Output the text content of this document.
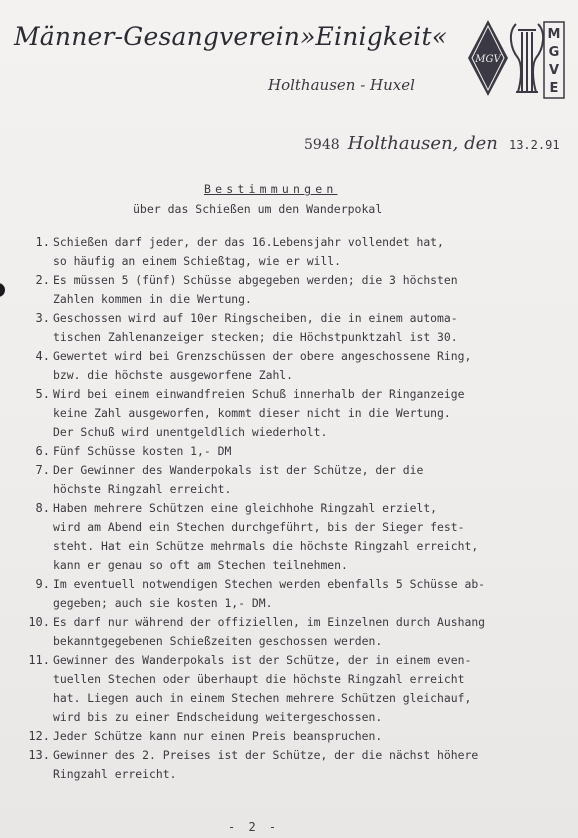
Männer-Gesangverein»Einigkeit«
Holthausen - Huxel
MGV
M
G
V
E
5948 Holthausen, den 13.2.91
Bestimmungen
über das Schießen um den Wanderpokal
1. Schießen darf jeder, der das 16.Lebensjahr vollendet hat,
so häufig an einem Schießtag, wie er will.
2. Es müssen 5 (fünf) Schüsse abgegeben werden; die 3 höchsten
Zahlen kommen in die Wertung.
3. Geschossen wird auf 10er Ringscheiben, die in einem automa-
tischen Zahlenanzeiger stecken; die Höchstpunktzahl ist 30.
4. Gewertet wird bei Grenzschüssen der obere angeschossene Ring,
bzw. die höchste ausgeworfene Zahl.
5. Wird bei einem einwandfreien Schuß innerhalb der Ringanzeige
keine Zahl ausgeworfen, kommt dieser nicht in die Wertung.
Der Schuß wird unentgeldlich wiederholt.
6. Fünf Schüsse kosten 1,- DM
7. Der Gewinner des Wanderpokals ist der Schütze, der die
höchste Ringzahl erreicht.
8. Haben mehrere Schützen eine gleichhohe Ringzahl erzielt,
wird am Abend ein Stechen durchgeführt, bis der Sieger fest-
steht. Hat ein Schütze mehrmals die höchste Ringzahl erreicht,
kann er genau so oft am Stechen teilnehmen.
9. Im eventuell notwendigen Stechen werden ebenfalls 5 Schüsse ab-
gegeben; auch sie kosten 1,- DM.
10. Es darf nur während der offiziellen, im Einzelnen durch Aushang
bekanntgegebenen Schießzeiten geschossen werden.
11. Gewinner des Wanderpokals ist der Schütze, der in einem even-
tuellen Stechen oder überhaupt die höchste Ringzahl erreicht
hat. Liegen auch in einem Stechen mehrere Schützen gleichauf,
wird bis zu einer Endscheidung weitergeschossen.
12. Jeder Schütze kann nur einen Preis beanspruchen.
13. Gewinner des 2. Preises ist der Schütze, der die nächst höhere
Ringzahl erreicht.
- 2 -
